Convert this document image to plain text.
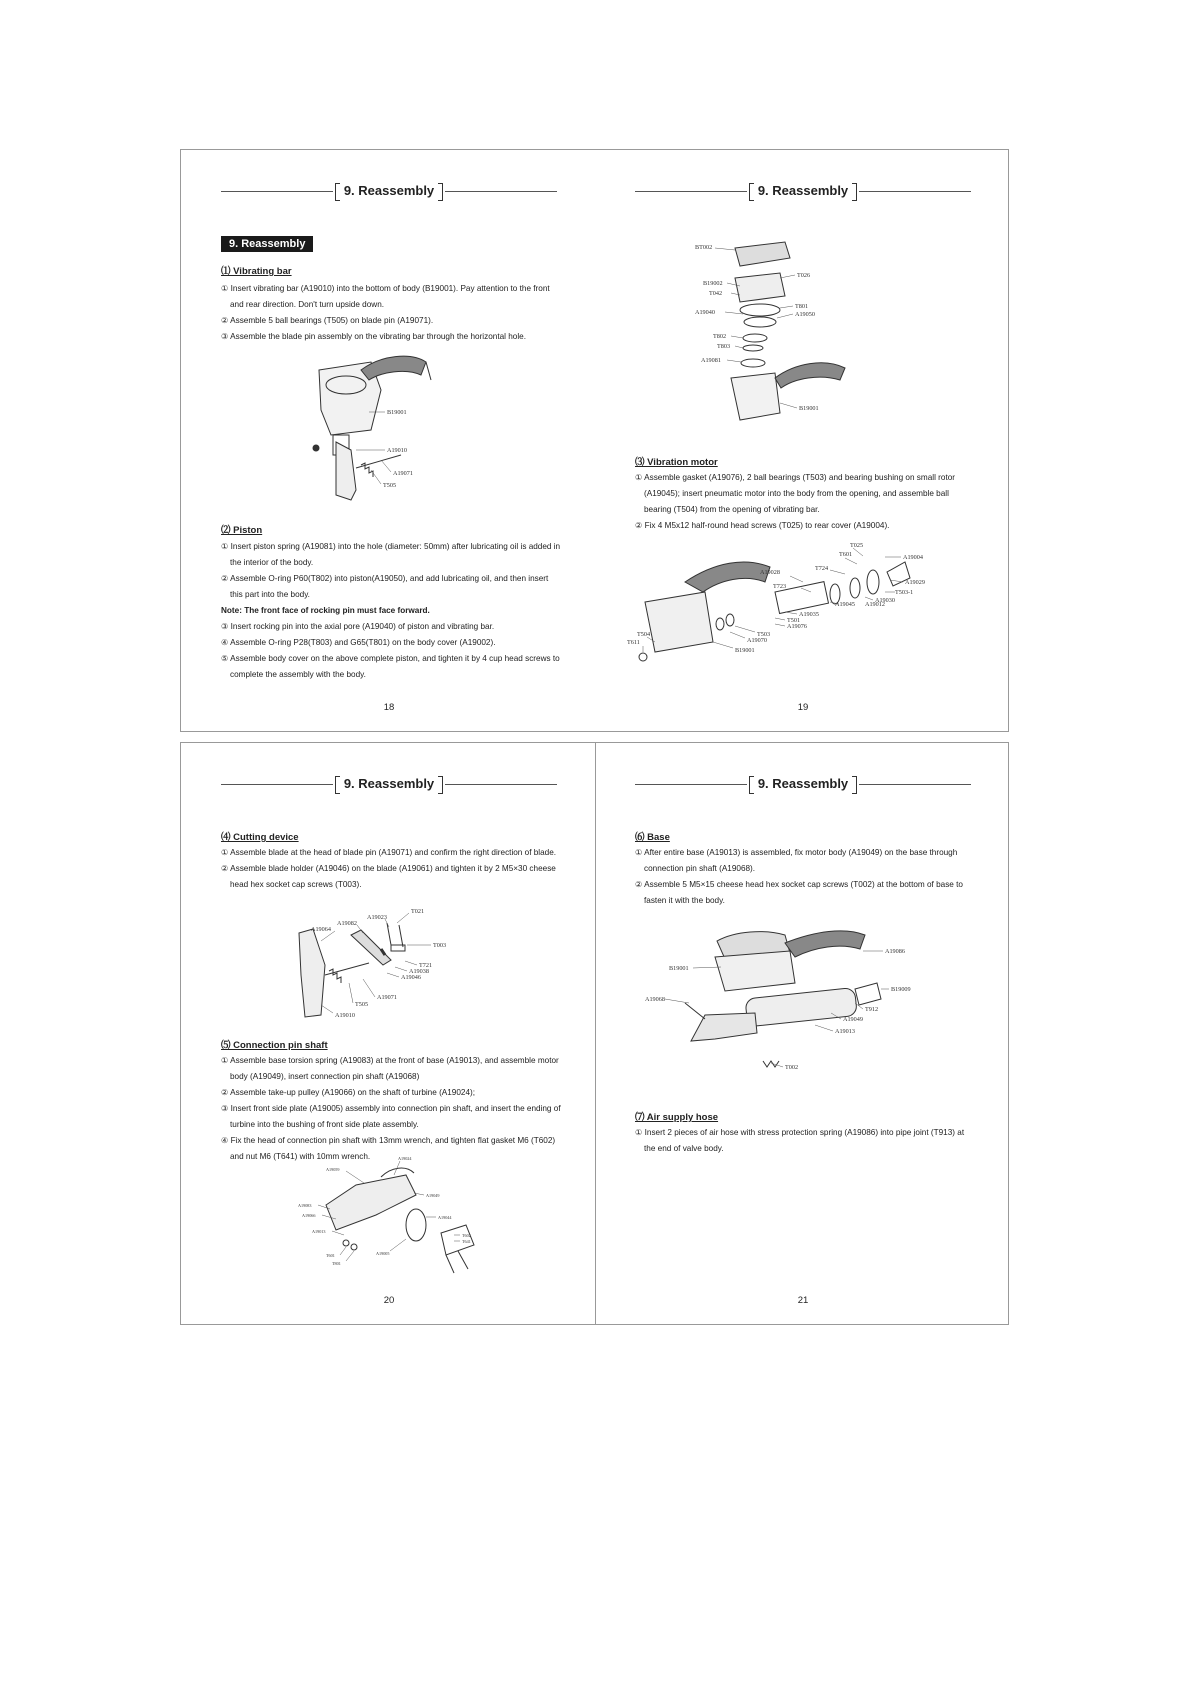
9. Reassembly
9. Reassembly
⑴ Vibrating bar

① Insert vibrating bar (A19010) into the bottom of body (B19001). Pay attention to the front and rear direction. Don't turn upside down.

② Assemble 5 ball bearings (T505) on blade pin (A19071).

③ Assemble the blade pin assembly on the vibrating bar through the horizontal hole.

B19001
A19010
A19071
T505
⑵ Piston

① Insert piston spring (A19081) into the hole (diameter: 50mm) after lubricating oil is added in the interior of the body.

② Assemble O-ring P60(T802) into piston(A19050), and add lubricating oil, and then insert this part into the body.

Note: The front face of rocking pin must face forward.

③ Insert rocking pin into the axial pore (A19040) of piston and vibrating bar.

④ Assemble O-ring P28(T803) and G65(T801) on the body cover (A19002).

⑤ Assemble body cover on the above complete piston, and tighten it by 4 cup head screws to complete the assembly with the body.

18
9. Reassembly
BT002
T026
B19002
T042
T801
A19040	A19050
T802
T803
A19081
B19001
⑶ Vibration motor

① Assemble gasket (A19076), 2 ball bearings (T503) and bearing bushing on small rotor (A19045); insert pneumatic motor into the body from the opening, and assemble ball bearing (T504) from the opening of vibrating bar.

② Fix 4 M5x12 half-round head screws (T025) to rear cover (A19004).

T025
T601	A19004
A19028
T724
A19029
T723
T503-1
A19030
A19045 A19012
A19035
T501
A19076
T504	T503
T611	A19070
B19001
19
9. Reassembly
⑷ Cutting device

① Assemble blade at the head of blade pin (A19071) and confirm the right direction of blade.

② Assemble blade holder (A19046) on the blade (A19061) and tighten it by 2 M5×30 cheese head hex socket cap screws (T003).

T021
A19023
A19082
A19064
T003
T721
A19038
A19046
A19071
T505
A19010
⑸ Connection pin shaft

① Assemble base torsion spring (A19083) at the front of base (A19013), and assemble motor body (A19049), insert connection pin shaft (A19068)

② Assemble take-up pulley (A19066) on the shaft of turbine (A19024);

③ Insert front side plate (A19005) assembly into connection pin shaft, and insert the ending of turbine into the bushing of front side plate assembly.

④ Fix the head of connection pin shaft with 13mm wrench, and tighten flat gasket M6 (T602) and nut M6 (T641) with 10mm wrench.	A19024
A19059
A19049
A19083
A19066	A19044
A19013
T602
T641
T601	A19005
T801
20
9. Reassembly
⑹ Base

① After entire base (A19013) is assembled, fix motor body (A19049) on the base through connection pin shaft (A19068).

② Assemble 5 M5×15 cheese head hex socket cap screws (T002) at the bottom of base to fasten it with the body.

A19086
B19001
B19009
A19068
T912
A19049
A19013
T002
⑺ Air supply hose

① Insert 2 pieces of air hose with stress protection spring (A19086) into pipe joint (T913) at the end of valve body.

21
